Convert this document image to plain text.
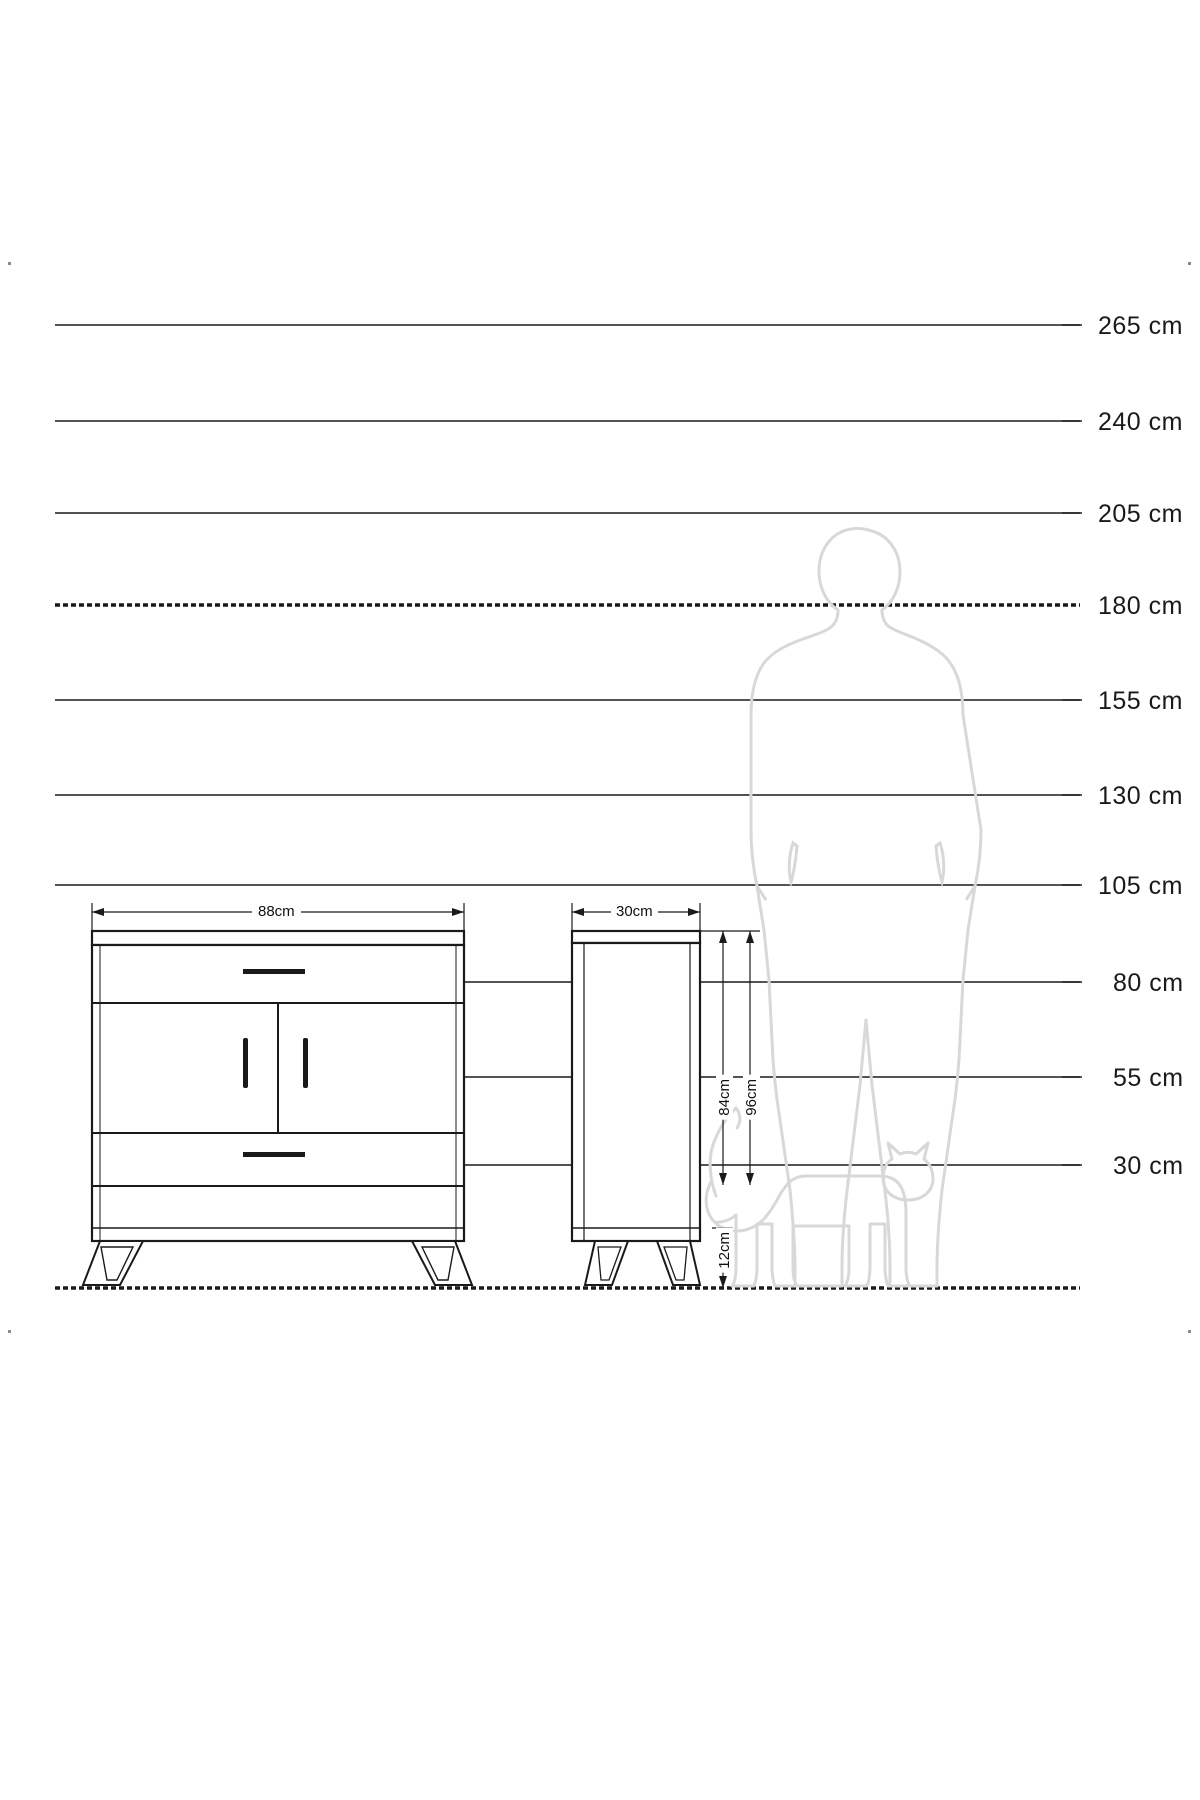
265 cm
240 cm
205 cm
180 cm
155 cm
130 cm
105 cm
80 cm
55 cm
30 cm
88cm	30cm
84cm 96cm
12cm
